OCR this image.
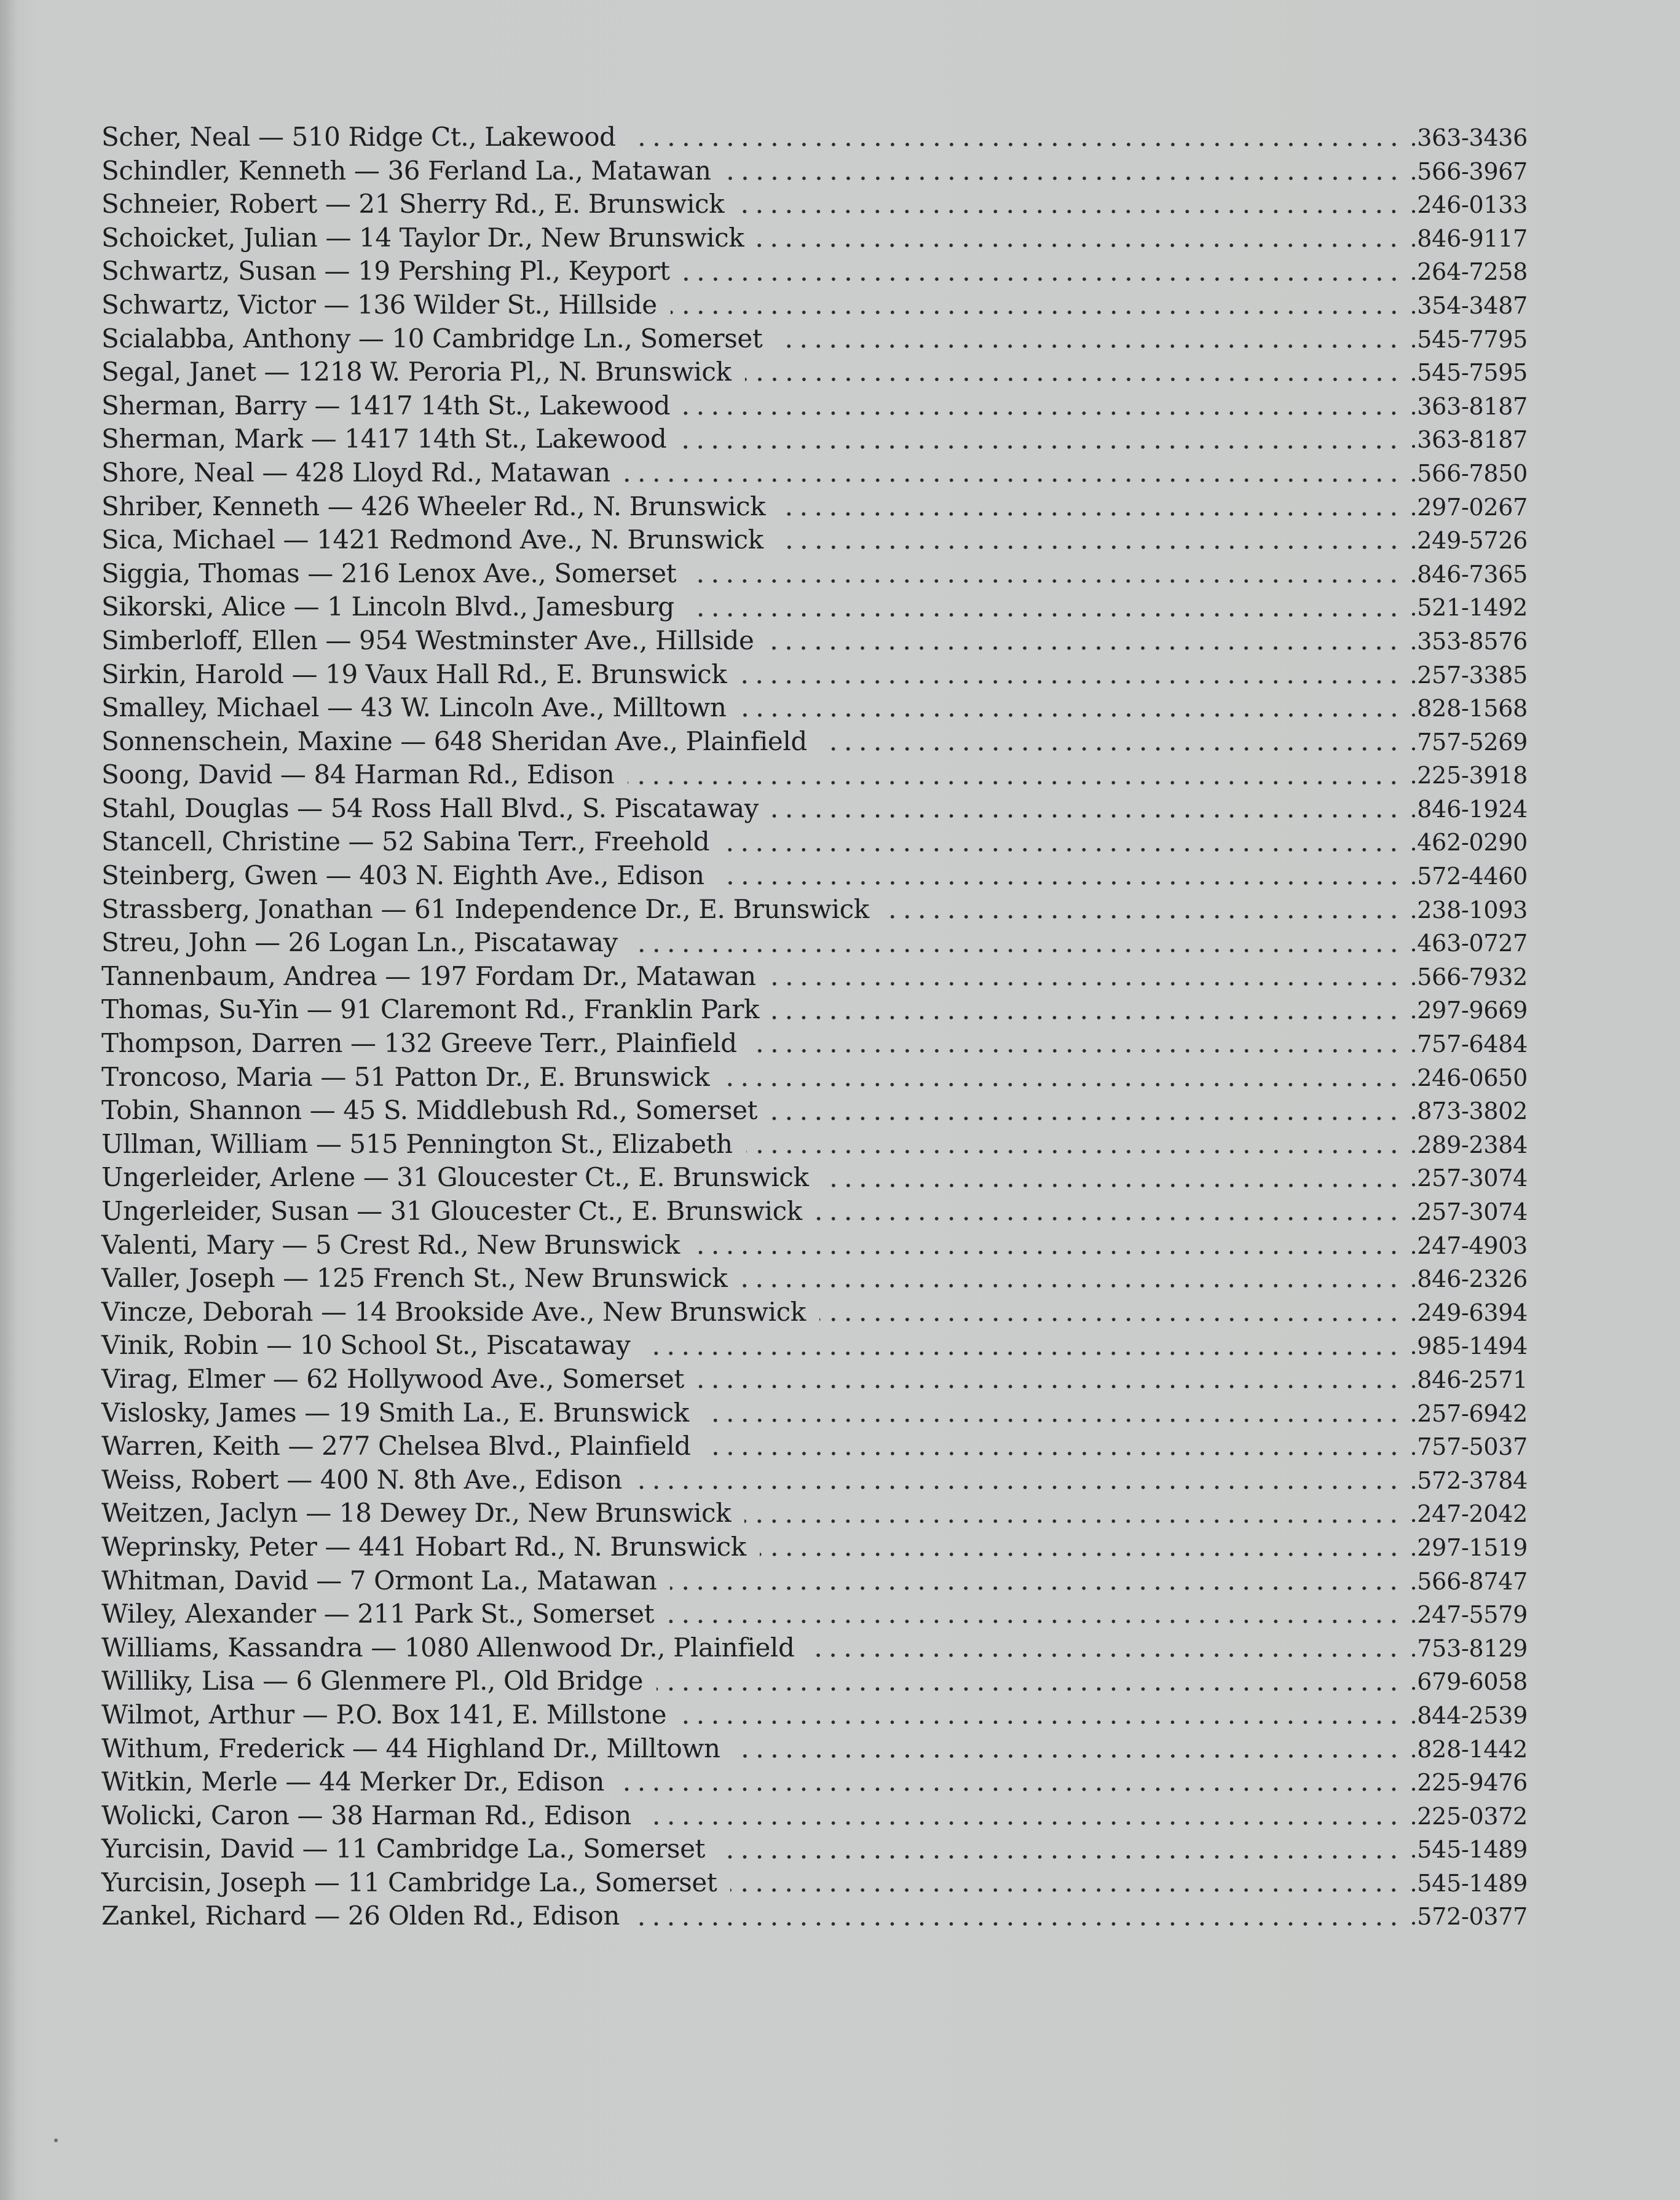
Scher, Neal — 510 Ridge Ct., Lakewood	.363-3436
Schindler, Kenneth — 36 Ferland La., Matawan	.566-3967
Schneier, Robert — 21 Sherry Rd., E. Brunswick	.246-0133
Schoicket, Julian — 14 Taylor Dr., New Brunswick	.846-9117
Schwartz, Susan — 19 Pershing Pl., Keyport	.264-7258
Schwartz, Victor — 136 Wilder St., Hillside	.354-3487
Scialabba, Anthony — 10 Cambridge Ln., Somerset	.545-7795
Segal, Janet — 1218 W. Peroria Pl,, N. Brunswick	.545-7595
Sherman, Barry — 1417 14th St., Lakewood	.363-8187
Sherman, Mark — 1417 14th St., Lakewood	.363-8187
Shore, Neal — 428 Lloyd Rd., Matawan	.566-7850
Shriber, Kenneth — 426 Wheeler Rd., N. Brunswick	.297-0267
Sica, Michael — 1421 Redmond Ave., N. Brunswick	.249-5726
Siggia, Thomas — 216 Lenox Ave., Somerset	.846-7365
Sikorski, Alice — 1 Lincoln Blvd., Jamesburg	.521-1492
Simberloff, Ellen — 954 Westminster Ave., Hillside	.353-8576
Sirkin, Harold — 19 Vaux Hall Rd., E. Brunswick	.257-3385
Smalley, Michael — 43 W. Lincoln Ave., Milltown	.828-1568
Sonnenschein, Maxine — 648 Sheridan Ave., Plainfield	.757-5269
Soong, David — 84 Harman Rd., Edison	.225-3918
Stahl, Douglas — 54 Ross Hall Blvd., S. Piscataway	.846-1924
Stancell, Christine — 52 Sabina Terr., Freehold	.462-0290
Steinberg, Gwen — 403 N. Eighth Ave., Edison	.572-4460
Strassberg, Jonathan — 61 Independence Dr., E. Brunswick	.238-1093
Streu, John — 26 Logan Ln., Piscataway	.463-0727
Tannenbaum, Andrea — 197 Fordam Dr., Matawan	.566-7932
Thomas, Su-Yin — 91 Claremont Rd., Franklin Park	.297-9669
Thompson, Darren — 132 Greeve Terr., Plainfield	.757-6484
Troncoso, Maria — 51 Patton Dr., E. Brunswick	.246-0650
Tobin, Shannon — 45 S. Middlebush Rd., Somerset	.873-3802
Ullman, William — 515 Pennington St., Elizabeth	.289-2384
Ungerleider, Arlene — 31 Gloucester Ct., E. Brunswick	.257-3074
Ungerleider, Susan — 31 Gloucester Ct., E. Brunswick	.257-3074
Valenti, Mary — 5 Crest Rd., New Brunswick	.247-4903
Valler, Joseph — 125 French St., New Brunswick	.846-2326
Vincze, Deborah — 14 Brookside Ave., New Brunswick	.249-6394
Vinik, Robin — 10 School St., Piscataway	.985-1494
Virag, Elmer — 62 Hollywood Ave., Somerset	.846-2571
Vislosky, James — 19 Smith La., E. Brunswick	.257-6942
Warren, Keith — 277 Chelsea Blvd., Plainfield	.757-5037
Weiss, Robert — 400 N. 8th Ave., Edison	.572-3784
Weitzen, Jaclyn — 18 Dewey Dr., New Brunswick	.247-2042
Weprinsky, Peter — 441 Hobart Rd., N. Brunswick	.297-1519
Whitman, David — 7 Ormont La., Matawan	.566-8747
Wiley, Alexander — 211 Park St., Somerset	.247-5579
Williams, Kassandra — 1080 Allenwood Dr., Plainfield	.753-8129
Williky, Lisa — 6 Glenmere Pl., Old Bridge	.679-6058
Wilmot, Arthur — P.O. Box 141, E. Millstone	.844-2539
Withum, Frederick — 44 Highland Dr., Milltown	.828-1442
Witkin, Merle — 44 Merker Dr., Edison	.225-9476
Wolicki, Caron — 38 Harman Rd., Edison	.225-0372
Yurcisin, David — 11 Cambridge La., Somerset	.545-1489
Yurcisin, Joseph — 11 Cambridge La., Somerset	.545-1489
Zankel, Richard — 26 Olden Rd., Edison	.572-0377
